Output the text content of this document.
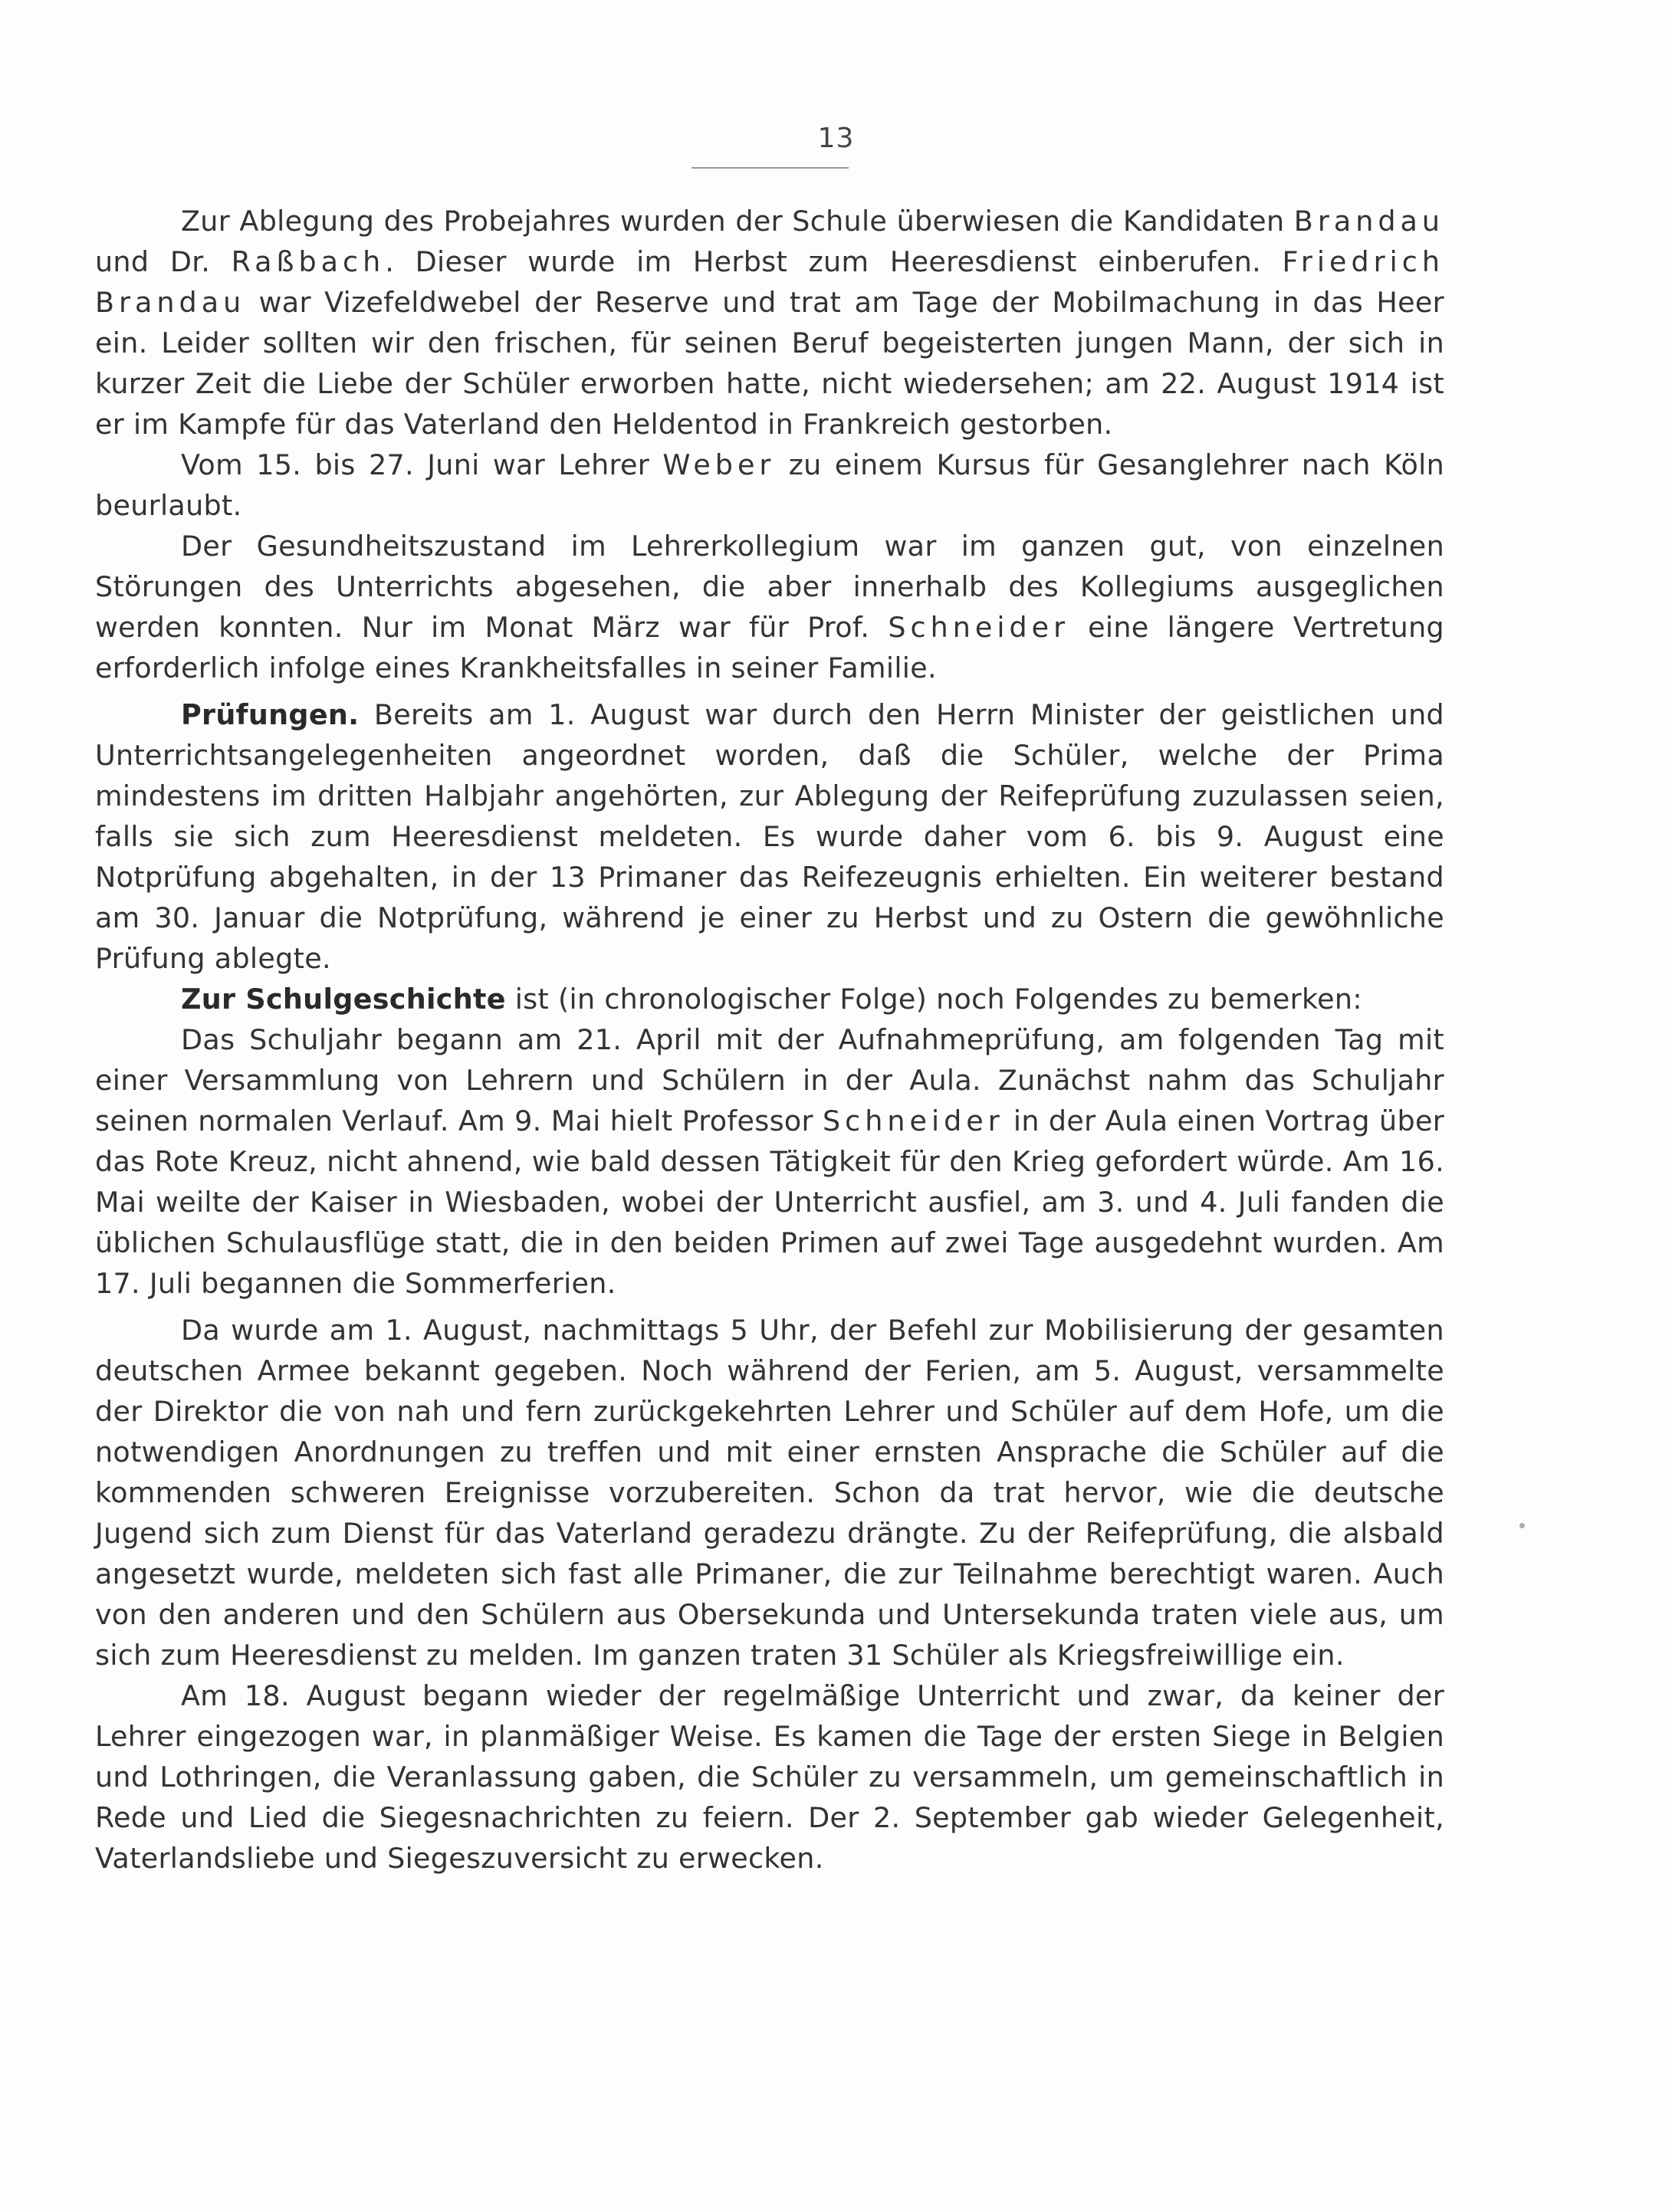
13

Zur Ablegung des Probejahres wurden der Schule überwiesen die Kandidaten Brandau und Dr. Raßbach. Dieser wurde im Herbst zum Heeresdienst einberufen. Friedrich Brandau war Vizefeldwebel der Reserve und trat am Tage der Mobilmachung in das Heer ein. Leider sollten wir den frischen, für seinen Beruf begeisterten jungen Mann, der sich in kurzer Zeit die Liebe der Schüler erworben hatte, nicht wiedersehen; am 22. August 1914 ist er im Kampfe für das Vaterland den Heldentod in Frankreich gestorben.

Vom 15. bis 27. Juni war Lehrer Weber zu einem Kursus für Gesanglehrer nach Köln beurlaubt.

Der Gesundheitszustand im Lehrerkollegium war im ganzen gut, von einzelnen Störungen des Unterrichts abgesehen, die aber innerhalb des Kollegiums ausgeglichen werden konnten. Nur im Monat März war für Prof. Schneider eine längere Vertretung erforderlich infolge eines Krankheitsfalles in seiner Familie.

Prüfungen. Bereits am 1. August war durch den Herrn Minister der geistlichen und Unterrichtsangelegenheiten angeordnet worden, daß die Schüler, welche der Prima mindestens im dritten Halbjahr angehörten, zur Ablegung der Reifeprüfung zuzulassen seien, falls sie sich zum Heeresdienst meldeten. Es wurde daher vom 6. bis 9. August eine Notprüfung abgehalten, in der 13 Primaner das Reifezeugnis erhielten. Ein weiterer bestand am 30. Januar die Notprüfung, während je einer zu Herbst und zu Ostern die gewöhnliche Prüfung ablegte.

Zur Schulgeschichte ist (in chronologischer Folge) noch Folgendes zu bemerken:

Das Schuljahr begann am 21. April mit der Aufnahmeprüfung, am folgenden Tag mit einer Versammlung von Lehrern und Schülern in der Aula. Zunächst nahm das Schuljahr seinen normalen Verlauf. Am 9. Mai hielt Professor Schneider in der Aula einen Vortrag über das Rote Kreuz, nicht ahnend, wie bald dessen Tätigkeit für den Krieg gefordert würde. Am 16. Mai weilte der Kaiser in Wiesbaden, wobei der Unterricht ausfiel, am 3. und 4. Juli fanden die üblichen Schulausflüge statt, die in den beiden Primen auf zwei Tage ausgedehnt wurden. Am 17. Juli begannen die Sommerferien.

Da wurde am 1. August, nachmittags 5 Uhr, der Befehl zur Mobilisierung der gesamten deutschen Armee bekannt gegeben. Noch während der Ferien, am 5. August, versammelte der Direktor die von nah und fern zurückgekehrten Lehrer und Schüler auf dem Hofe, um die notwendigen Anordnungen zu treffen und mit einer ernsten Ansprache die Schüler auf die kommenden schweren Ereignisse vorzubereiten. Schon da trat hervor, wie die deutsche Jugend sich zum Dienst für das Vaterland geradezu drängte. Zu der Reifeprüfung, die alsbald angesetzt wurde, meldeten sich fast alle Primaner, die zur Teilnahme berechtigt waren. Auch von den anderen und den Schülern aus Obersekunda und Untersekunda traten viele aus, um sich zum Heeresdienst zu melden. Im ganzen traten 31 Schüler als Kriegsfreiwillige ein.

Am 18. August begann wieder der regelmäßige Unterricht und zwar, da keiner der Lehrer eingezogen war, in planmäßiger Weise. Es kamen die Tage der ersten Siege in Belgien und Lothringen, die Veranlassung gaben, die Schüler zu versammeln, um gemeinschaftlich in Rede und Lied die Siegesnachrichten zu feiern. Der 2. September gab wieder Gelegenheit, Vaterlandsliebe und Siegeszuversicht zu erwecken.
